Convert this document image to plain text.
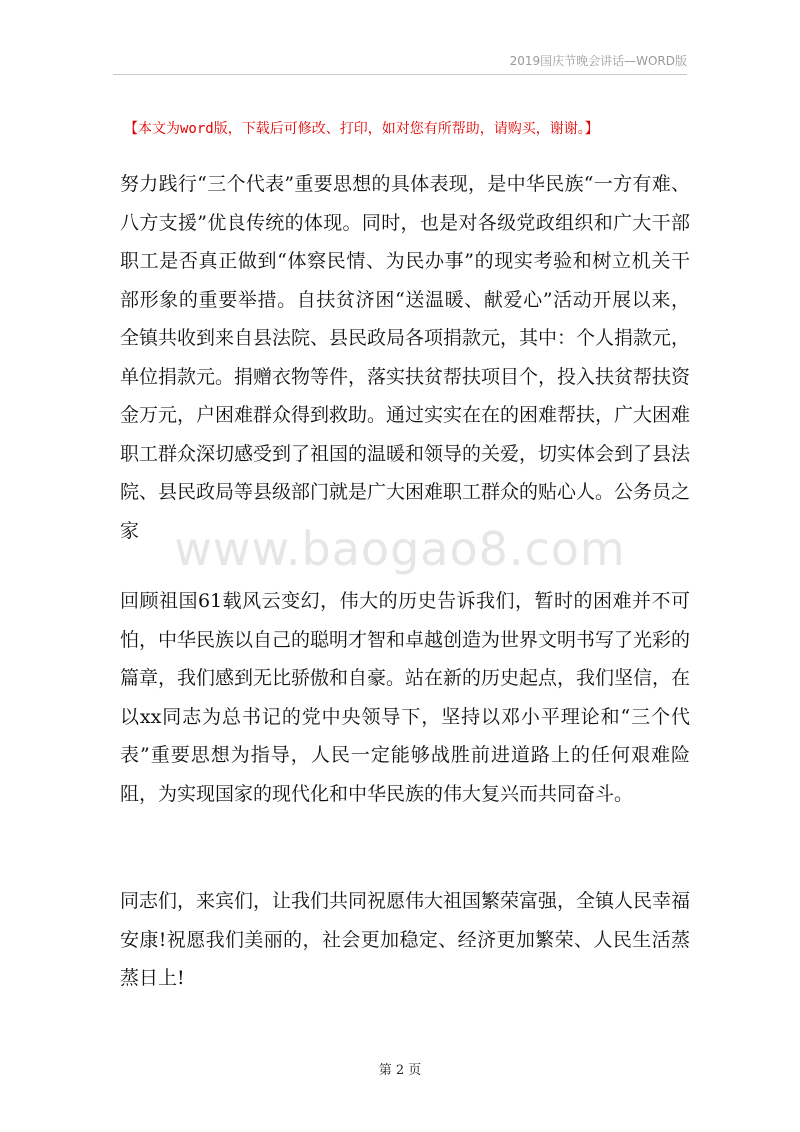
2019国庆节晚会讲话—WORD版
【本文为word版，下载后可修改、打印，如对您有所帮助，请购买，谢谢。】
努力践行“三个代表”重要思想的具体表现，是中华民族“一方有难、八方支援”优良传统的体现。同时，也是对各级党政组织和广大干部职工是否真正做到“体察民情、为民办事”的现实考验和树立机关干部形象的重要举措。自扶贫济困“送温暖、献爱心”活动开展以来，全镇共收到来自县法院、县民政局各项捐款元，其中：个人捐款元，单位捐款元。捐赠衣物等件，落实扶贫帮扶项目个，投入扶贫帮扶资金万元，户困难群众得到救助。通过实实在在的困难帮扶，广大困难职工群众深切感受到了祖国的温暖和领导的关爱，切实体会到了县法院、县民政局等县级部门就是广大困难职工群众的贴心人。公务员之家 www.baogao8.com
回顾祖国61载风云变幻，伟大的历史告诉我们，暂时的困难并不可怕，中华民族以自己的聪明才智和卓越创造为世界文明书写了光彩的篇章，我们感到无比骄傲和自豪。站在新的历史起点，我们坚信，在以xx同志为总书记的党中央领导下，坚持以邓小平理论和“三个代表”重要思想为指导，人民一定能够战胜前进道路上的任何艰难险阻，为实现国家的现代化和中华民族的伟大复兴而共同奋斗。
同志们，来宾们，让我们共同祝愿伟大祖国繁荣富强，全镇人民幸福安康!祝愿我们美丽的，社会更加稳定、经济更加繁荣、人民生活蒸蒸日上!
第 2 页
